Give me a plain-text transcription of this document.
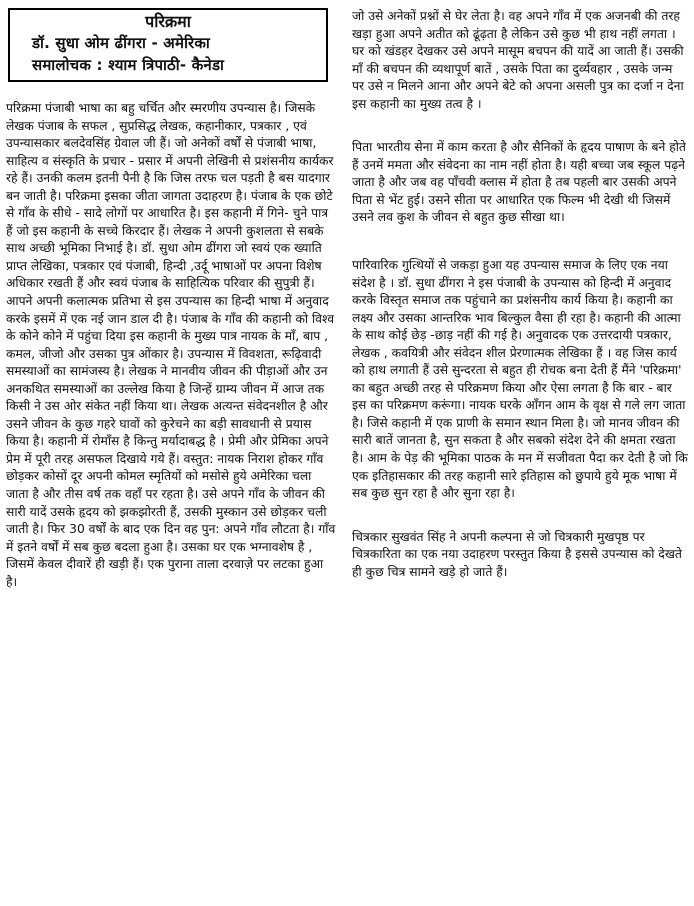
परिक्रमा
डॉ. सुधा ओम ढींगरा - अमेरिका
समालोचक : श्याम त्रिपाठी- कैनेडा

परिक्रमा पंजाबी भाषा का बहु चर्चित और स्मरणीय उपन्यास है। जिसके लेखक पंजाब के सफल , सुप्रसिद्ध लेखक, कहानीकार, पत्रकार , एवं उपन्यासकार बलदेवसिंह ग्रेवाल जी हैं। जो अनेकों वर्षों से पंजाबी भाषा, साहित्य व संस्कृति के प्रचार - प्रसार में अपनी लेखिनी से प्रशंसनीय कार्यकर रहे हैं। उनकी कलम इतनी पैनी है कि जिस तरफ चल पड़ती है बस यादगार बन जाती है। परिक्रमा इसका जीता जागता उदाहरण है। पंजाब के एक छोटे से गाँव के सीधे - सादे लोगों पर आधारित है। इस कहानी में गिने- चुने पात्र हैं जो इस कहानी के सच्चे किरदार हैं। लेखक ने अपनी कुशलता से सबके साथ अच्छी भूमिका निभाई है। डॉ. सुधा ओम ढींगरा जो स्वयं एक ख्याति प्राप्त लेखिका, पत्रकार एवं पंजाबी, हिन्दी ,उर्दू भाषाओं पर अपना विशेष अधिकार रखती हैं और स्वयं पंजाब के साहित्यिक परिवार की सुपुत्री हैं। आपने अपनी कलात्मक प्रतिभा से इस उपन्यास का हिन्दी भाषा में अनुवाद करके इसमें में एक नई जान डाल दी है। पंजाब के गाँव की कहानी को विश्व के कोने कोने में पहुंचा दिया इस कहानी के मुख्य पात्र नायक के माँ, बाप , कमल, जीजो और उसका पुत्र ओंकार है। उपन्यास में विवशता, रूढ़िवादी समस्याओं का सामंजस्य है। लेखक ने मानवीय जीवन की पीड़ाओं और उन अनकथित समस्याओं का उल्लेख किया है जिन्हें ग्राम्य जीवन में आज तक किसी ने उस ओर संकेत नहीं किया था। लेखक अत्यन्त संवेदनशील है और उसने जीवन के कुछ गहरे घावों को कुरेचने का बड़ी सावधानी से प्रयास किया है। कहानी में रोमाँस है किन्तु मर्यादाबद्ध है । प्रेमी और प्रेमिका अपने प्रेम में पूरी तरह असफल दिखाये गये हैं। वस्तुत: नायक निराश होकर गाँव छोड़कर कोसों दूर अपनी कोमल स्मृतियों को मसोसे हुये अमेरिका चला जाता है और तीस वर्ष तक वहाँ पर रहता है। उसे अपने गाँव के जीवन की सारी यादें उसके हृदय को झकझोरती हैं, उसकी मुस्कान उसे छोड़कर चली जाती है। फिर 30 वर्षों के बाद एक दिन वह पुन: अपने गाँव लौटता है। गाँव में इतने वर्षों में सब कुछ बदला हुआ है। उसका घर एक भग्नावशेष है , जिसमें केवल दीवारें ही खड़ी हैं। एक पुराना ताला दरवाज़े पर लटका हुआ है।

जो उसे अनेकों प्रश्नों से घेर लेता है। वह अपने गाँव में एक अजनबी की तरह खड़ा हुआ अपने अतीत को ढूंढ़ता है लेकिन उसे कुछ भी हाथ नहीं लगता । घर को खंडहर देखकर उसे अपने मासूम बचपन की यादें आ जाती हैं। उसकी माँ की बचपन की व्यथापूर्ण बातें , उसके पिता का दुर्व्यवहार , उसके जन्म पर उसे न मिलने आना और अपने बेटे को अपना असली पुत्र का दर्जा न देना इस कहानी का मुख्य तत्व है ।

पिता भारतीय सेना में काम करता है और सैनिकों के हृदय पाषाण के बने होते हैं उनमें ममता और संवेदना का नाम नहीं होता है। यही बच्चा जब स्कूल पढ़ने जाता है और जब वह पाँचवी क्लास में होता है तब पहली बार उसकी अपने पिता से भेंट हुई। उसने सीता पर आधारित एक फिल्म भी देखी थी जिसमें उसने लव कुश के जीवन से बहुत कुछ सीखा था।

पारिवारिक गुत्थियों से जकड़ा हुआ यह उपन्यास समाज के लिए एक नया संदेश है । डॉ. सुधा ढींगरा ने इस पंजाबी के उपन्यास को हिन्दी में अनुवाद करके विस्तृत समाज तक पहुंचाने का प्रशंसनीय कार्य किया है। कहानी का लक्ष्य और उसका आन्तरिक भाव बिल्कुल वैसा ही रहा है। कहानी की आत्मा के साथ कोई छेड़ -छाड़ नहीं की गई है। अनुवादक एक उत्तरदायी पत्रकार, लेखक , कवयित्री और संवेदन शील प्रेरणात्मक लेखिका हैं । वह जिस कार्य को हाथ लगाती हैं उसे सुन्दरता से बहुत ही रोचक बना देती हैं मैंने 'परिक्रमा' का बहुत अच्छी तरह से परिक्रमण किया और ऐसा लगता है कि बार - बार इस का परिक्रमण करूंगा। नायक घरके आँगन आम के वृक्ष से गले लग जाता है। जिसे कहानी में एक प्राणी के समान स्थान मिला है। जो मानव जीवन की सारी बातें जानता है, सुन सकता है और सबको संदेश देने की क्षमता रखता है। आम के पेड़ की भूमिका पाठक के मन में सजीवता पैदा कर देती है जो कि एक इतिहासकार की तरह कहानी सारे इतिहास को छुपाये हुये मूक भाषा में सब कुछ सुन रहा है और सुना रहा है।

चित्रकार सुखवंत सिंह ने अपनी कल्पना से जो चित्रकारी मुखपृष्ठ पर चित्रकारिता का एक नया उदाहरण परस्तुत किया है इससे उपन्यास को देखते ही कुछ चित्र सामने खड़े हो जाते हैं।
